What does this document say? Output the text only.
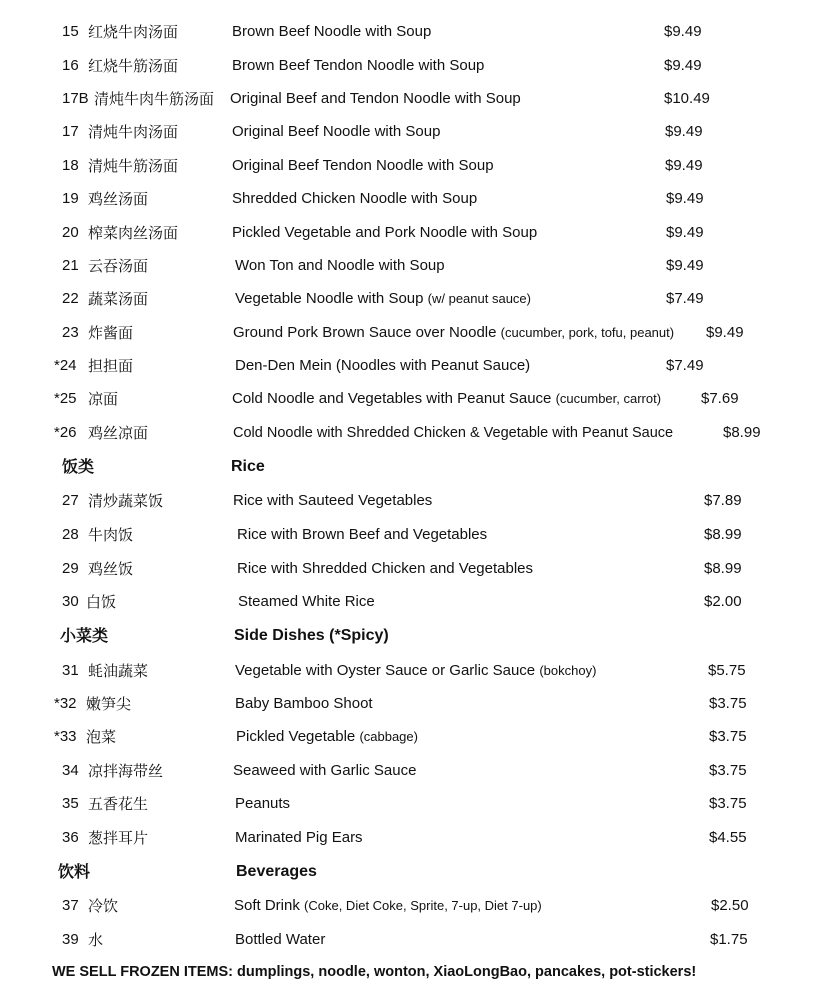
15 红烧牛肉汤面	Brown Beef Noodle with Soup	$9.49
16 红烧牛筋汤面	Brown Beef Tendon Noodle with Soup	$9.49
17B 清炖牛肉牛筋汤面 Original Beef and Tendon Noodle with Soup	$10.49
17 清炖牛肉汤面	Original Beef Noodle with Soup	$9.49
18 清炖牛筋汤面	Original Beef Tendon Noodle with Soup	$9.49
19 鸡丝汤面	Shredded Chicken Noodle with Soup	$9.49
20 榨菜肉丝汤面	Pickled Vegetable and Pork Noodle with Soup	$9.49
21 云吞汤面	Won Ton and Noodle with Soup	$9.49
22 蔬菜汤面	Vegetable Noodle with Soup (w/ peanut sauce)	$7.49
23 炸酱面	Ground Pork Brown Sauce over Noodle (cucumber, pork, tofu, peanut) $9.49
*24 担担面	Den-Den Mein (Noodles with Peanut Sauce)	$7.49
*25 凉面	Cold Noodle and Vegetables with Peanut Sauce (cucumber, carrot)	$7.69
*26 鸡丝凉面	Cold Noodle with Shredded Chicken & Vegetable with Peanut Sauce	$8.99
饭类	Rice
27 清炒蔬菜饭	Rice with Sauteed Vegetables	$7.89
28 牛肉饭	Rice with Brown Beef and Vegetables	$8.99
29 鸡丝饭	Rice with Shredded Chicken and Vegetables	$8.99
30 白饭	Steamed White Rice	$2.00
小菜类	Side Dishes (*Spicy)
31 蚝油蔬菜	Vegetable with Oyster Sauce or Garlic Sauce (bokchoy)	$5.75
*32 嫩笋尖	Baby Bamboo Shoot	$3.75
*33 泡菜	Pickled Vegetable (cabbage)	$3.75
34 凉拌海带丝	Seaweed with Garlic Sauce	$3.75
35 五香花生	Peanuts	$3.75
36 葱拌耳片	Marinated Pig Ears	$4.55
饮料	Beverages
37 冷饮	Soft Drink (Coke, Diet Coke, Sprite, 7-up, Diet 7-up)	$2.50
39 水	Bottled Water	$1.75
WE SELL FROZEN ITEMS: dumplings, noodle, wonton, XiaoLongBao, pancakes, pot-stickers!
